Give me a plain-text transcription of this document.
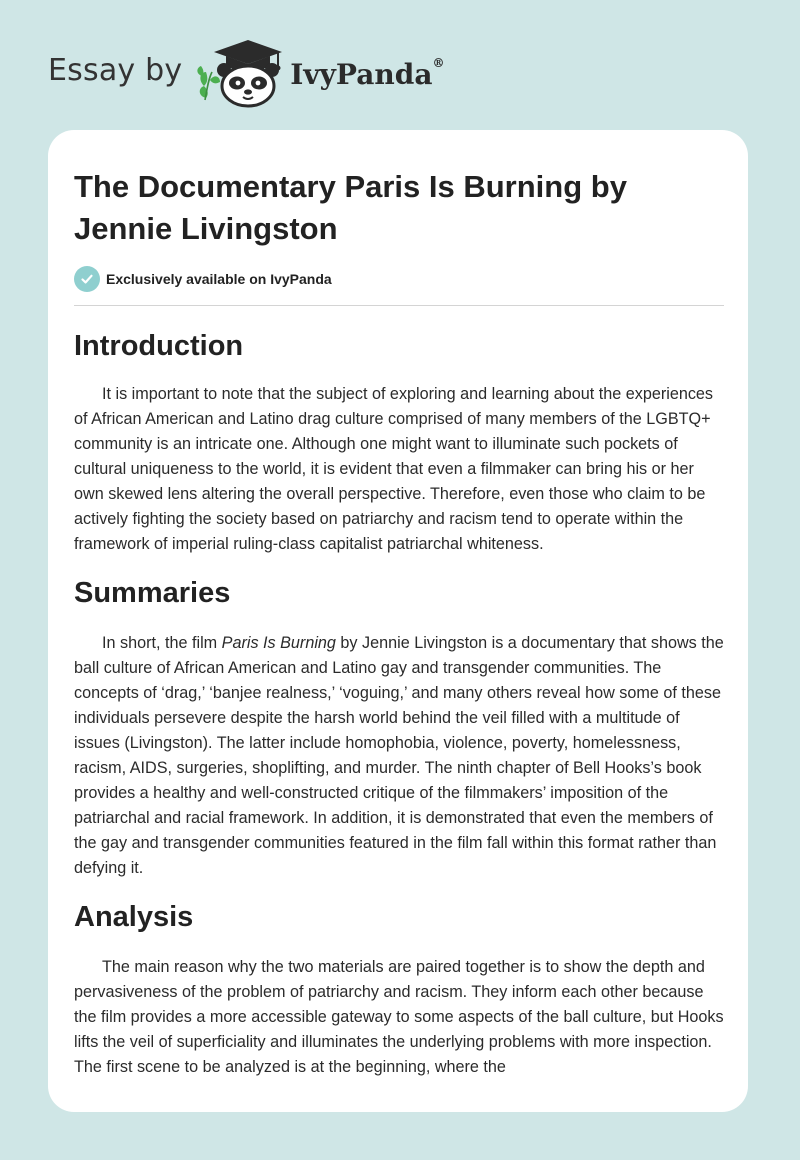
Essay by	IvyPanda®
The Documentary Paris Is Burning by Jennie Livingston
Exclusively available on IvyPanda
Introduction

It is important to note that the subject of exploring and learning about the experiences of African American and Latino drag culture comprised of many members of the LGBTQ+ community is an intricate one. Although one might want to illuminate such pockets of cultural uniqueness to the world, it is evident that even a filmmaker can bring his or her own skewed lens altering the overall perspective. Therefore, even those who claim to be actively fighting the society based on patriarchy and racism tend to operate within the framework of imperial ruling-class capitalist patriarchal whiteness.

Summaries

In short, the film Paris Is Burning by Jennie Livingston is a documentary that shows the ball culture of African American and Latino gay and transgender communities. The concepts of ‘drag,’ ‘banjee realness,’ ‘voguing,’ and many others reveal how some of these individuals persevere despite the harsh world behind the veil filled with a multitude of issues (Livingston). The latter include homophobia, violence, poverty, homelessness, racism, AIDS, surgeries, shoplifting, and murder. The ninth chapter of Bell Hooks’s book provides a healthy and well-constructed critique of the filmmakers’ imposition of the patriarchal and racial framework. In addition, it is demonstrated that even the members of the gay and transgender communities featured in the film fall within this format rather than defying it.

Analysis

The main reason why the two materials are paired together is to show the depth and pervasiveness of the problem of patriarchy and racism. They inform each other because the film provides a more accessible gateway to some aspects of the ball culture, but Hooks lifts the veil of superficiality and illuminates the underlying problems with more inspection. The first scene to be analyzed is at the beginning, where the
